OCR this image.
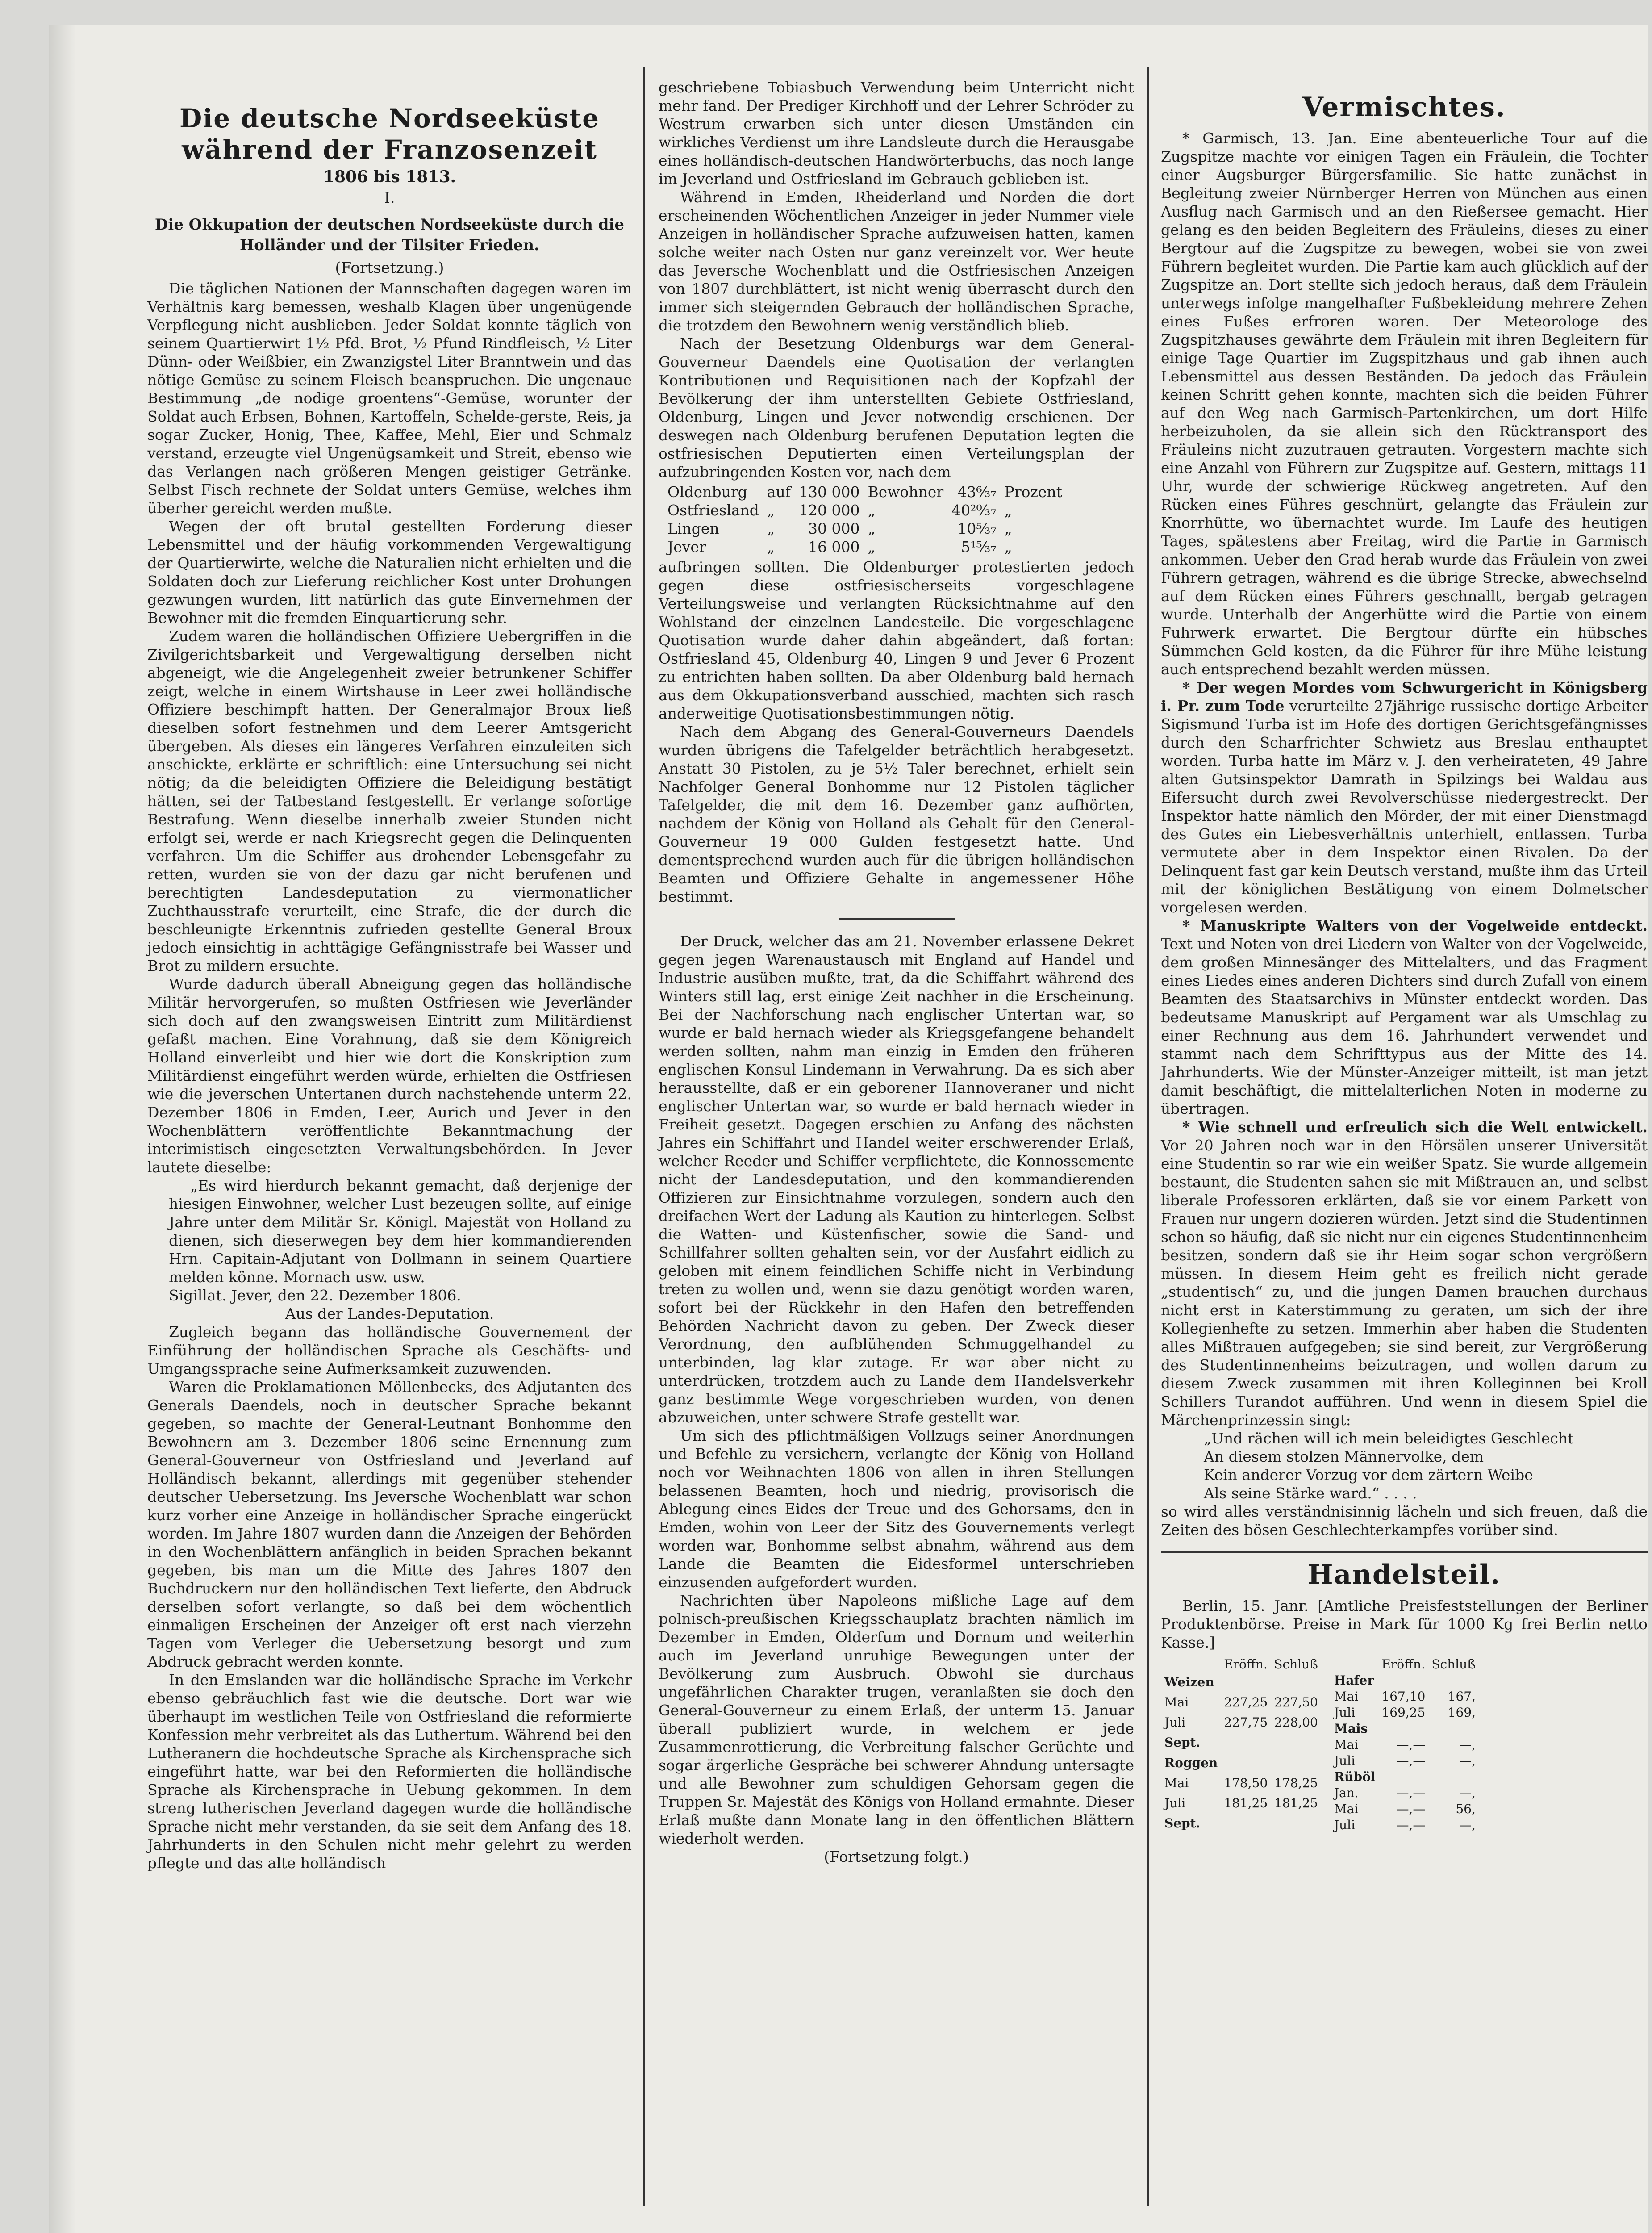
Die deutsche Nordseeküste
während der Franzosenzeit
1806 bis 1813.
I.
Die Okkupation der deutschen Nordseeküste durch die Holländer und der Tilsiter Frieden.
(Fortsetzung.)

Die täglichen Nationen der Mannschaften dagegen waren im Verhältnis karg bemessen, weshalb Klagen über ungenügende Verpflegung nicht ausblieben. Jeder Soldat konnte täglich von seinem Quartierwirt 1½ Pfd. Brot, ½ Pfund Rindfleisch, ½ Liter Dünn- oder Weißbier, ein Zwanzigstel Liter Branntwein und das nötige Gemüse zu seinem Fleisch beanspruchen. Die ungenaue Bestimmung „de nodige groentens“-Gemüse, worunter der Soldat auch Erbsen, Bohnen, Kartoffeln, Schelde-gerste, Reis, ja sogar Zucker, Honig, Thee, Kaffee, Mehl, Eier und Schmalz verstand, erzeugte viel Ungenügsamkeit und Streit, ebenso wie das Verlangen nach größeren Mengen geistiger Getränke. Selbst Fisch rechnete der Soldat unters Gemüse, welches ihm überher gereicht werden mußte.

Wegen der oft brutal gestellten Forderung dieser Lebensmittel und der häufig vorkommenden Vergewaltigung der Quartierwirte, welche die Naturalien nicht erhielten und die Soldaten doch zur Lieferung reichlicher Kost unter Drohungen gezwungen wurden, litt natürlich das gute Einvernehmen der Bewohner mit die fremden Einquartierung sehr.

Zudem waren die holländischen Offiziere Uebergriffen in die Zivilgerichtsbarkeit und Vergewaltigung derselben nicht abgeneigt, wie die Angelegenheit zweier betrunkener Schiffer zeigt, welche in einem Wirtshause in Leer zwei holländische Offiziere beschimpft hatten. Der Generalmajor Broux ließ dieselben sofort festnehmen und dem Leerer Amtsgericht übergeben. Als dieses ein längeres Verfahren einzuleiten sich anschickte, erklärte er schriftlich: eine Untersuchung sei nicht nötig; da die beleidigten Offiziere die Beleidigung bestätigt hätten, sei der Tatbestand festgestellt. Er verlange sofortige Bestrafung. Wenn dieselbe innerhalb zweier Stunden nicht erfolgt sei, werde er nach Kriegsrecht gegen die Delinquenten verfahren. Um die Schiffer aus drohender Lebensgefahr zu retten, wurden sie von der dazu gar nicht berufenen und berechtigten Landesdeputation zu viermonatlicher Zuchthausstrafe verurteilt, eine Strafe, die der durch die beschleunigte Erkenntnis zufrieden gestellte General Broux jedoch einsichtig in achttägige Gefängnisstrafe bei Wasser und Brot zu mildern ersuchte.

Wurde dadurch überall Abneigung gegen das holländische Militär hervorgerufen, so mußten Ostfriesen wie Jeverländer sich doch auf den zwangsweisen Eintritt zum Militärdienst gefaßt machen. Eine Vorahnung, daß sie dem Königreich Holland einverleibt und hier wie dort die Konskription zum Militärdienst eingeführt werden würde, erhielten die Ostfriesen wie die jeverschen Untertanen durch nachstehende unterm 22. Dezember 1806 in Emden, Leer, Aurich und Jever in den Wochenblättern veröffentlichte Bekanntmachung der interimistisch eingesetzten Verwaltungsbehörden. In Jever lautete dieselbe:

„Es wird hierdurch bekannt gemacht, daß derjenige der hiesigen Einwohner, welcher Lust bezeugen sollte, auf einige Jahre unter dem Militär Sr. Königl. Majestät von Holland zu dienen, sich dieserwegen bey dem hier kommandierenden Hrn. Capitain-Adjutant von Dollmann in seinem Quartiere melden könne. Mornach usw. usw.

Sigillat. Jever, den 22. Dezember 1806.

Aus der Landes-Deputation.

Zugleich begann das holländische Gouvernement der Einführung der holländischen Sprache als Geschäfts- und Umgangssprache seine Aufmerksamkeit zuzuwenden.

Waren die Proklamationen Möllenbecks, des Adjutanten des Generals Daendels, noch in deutscher Sprache bekannt gegeben, so machte der General-Leutnant Bonhomme den Bewohnern am 3. Dezember 1806 seine Ernennung zum General-Gouverneur von Ostfriesland und Jeverland auf Holländisch bekannt, allerdings mit gegenüber stehender deutscher Uebersetzung. Ins Jeversche Wochenblatt war schon kurz vorher eine Anzeige in holländischer Sprache eingerückt worden. Im Jahre 1807 wurden dann die Anzeigen der Behörden in den Wochenblättern anfänglich in beiden Sprachen bekannt gegeben, bis man um die Mitte des Jahres 1807 den Buchdruckern nur den holländischen Text lieferte, den Abdruck derselben sofort verlangte, so daß bei dem wöchentlich einmaligen Erscheinen der Anzeiger oft erst nach vierzehn Tagen vom Verleger die Uebersetzung besorgt und zum Abdruck gebracht werden konnte.

In den Emslanden war die holländische Sprache im Verkehr ebenso gebräuchlich fast wie die deutsche. Dort war wie überhaupt im westlichen Teile von Ostfriesland die reformierte Konfession mehr verbreitet als das Luthertum. Während bei den Lutheranern die hochdeutsche Sprache als Kirchensprache sich eingeführt hatte, war bei den Reformierten die holländische Sprache als Kirchensprache in Uebung gekommen. In dem streng lutherischen Jeverland dagegen wurde die holländische Sprache nicht mehr verstanden, da sie seit dem Anfang des 18. Jahrhunderts in den Schulen nicht mehr gelehrt zu werden pflegte und das alte holländisch

geschriebene Tobiasbuch Verwendung beim Unterricht nicht mehr fand. Der Prediger Kirchhoff und der Lehrer Schröder zu Westrum erwarben sich unter diesen Umständen ein wirkliches Verdienst um ihre Landsleute durch die Herausgabe eines holländisch-deutschen Handwörterbuchs, das noch lange im Jeverland und Ostfriesland im Gebrauch geblieben ist.

Während in Emden, Rheiderland und Norden die dort erscheinenden Wöchentlichen Anzeiger in jeder Nummer viele Anzeigen in holländischer Sprache aufzuweisen hatten, kamen solche weiter nach Osten nur ganz vereinzelt vor. Wer heute das Jeversche Wochenblatt und die Ostfriesischen Anzeigen von 1807 durchblättert, ist nicht wenig überrascht durch den immer sich steigernden Gebrauch der holländischen Sprache, die trotzdem den Bewohnern wenig verständlich blieb.

Nach der Besetzung Oldenburgs war dem General-Gouverneur Daendels eine Quotisation der verlangten Kontributionen und Requisitionen nach der Kopfzahl der Bevölkerung der ihm unterstellten Gebiete Ostfriesland, Oldenburg, Lingen und Jever notwendig erschienen. Der deswegen nach Oldenburg berufenen Deputation legten die ostfriesischen Deputierten einen Verteilungsplan der aufzubringenden Kosten vor, nach dem

Oldenburg	auf	130 000	Bewohner	43⁶⁄₃₇	Prozent
Ostfriesland	„	120 000	„	40²⁰⁄₃₇	„
Lingen	„	30 000	„	10⁵⁄₃₇	„
Jever	„	16 000	„	5¹⁵⁄₃₇	„

aufbringen sollten. Die Oldenburger protestierten jedoch gegen diese ostfriesischerseits vorgeschlagene Verteilungsweise und verlangten Rücksichtnahme auf den Wohlstand der einzelnen Landesteile. Die vorgeschlagene Quotisation wurde daher dahin abgeändert, daß fortan: Ostfriesland 45, Oldenburg 40, Lingen 9 und Jever 6 Prozent zu entrichten haben sollten. Da aber Oldenburg bald hernach aus dem Okkupationsverband ausschied, machten sich rasch anderweitige Quotisationsbestimmungen nötig.

Nach dem Abgang des General-Gouverneurs Daendels wurden übrigens die Tafelgelder beträchtlich herabgesetzt. Anstatt 30 Pistolen, zu je 5½ Taler berechnet, erhielt sein Nachfolger General Bonhomme nur 12 Pistolen täglicher Tafelgelder, die mit dem 16. Dezember ganz aufhörten, nachdem der König von Holland als Gehalt für den General-Gouverneur 19 000 Gulden festgesetzt hatte. Und dementsprechend wurden auch für die übrigen holländischen Beamten und Offiziere Gehalte in angemessener Höhe bestimmt.

Der Druck, welcher das am 21. November erlassene Dekret gegen jegen Warenaustausch mit England auf Handel und Industrie ausüben mußte, trat, da die Schiffahrt während des Winters still lag, erst einige Zeit nachher in die Erscheinung. Bei der Nachforschung nach englischer Untertan war, so wurde er bald hernach wieder als Kriegsgefangene behandelt werden sollten, nahm man einzig in Emden den früheren englischen Konsul Lindemann in Verwahrung. Da es sich aber herausstellte, daß er ein geborener Hannoveraner und nicht englischer Untertan war, so wurde er bald hernach wieder in Freiheit gesetzt. Dagegen erschien zu Anfang des nächsten Jahres ein Schiffahrt und Handel weiter erschwerender Erlaß, welcher Reeder und Schiffer verpflichtete, die Konnossemente nicht der Landesdeputation, und den kommandierenden Offizieren zur Einsichtnahme vorzulegen, sondern auch den dreifachen Wert der Ladung als Kaution zu hinterlegen. Selbst die Watten- und Küstenfischer, sowie die Sand- und Schillfahrer sollten gehalten sein, vor der Ausfahrt eidlich zu geloben mit einem feindlichen Schiffe nicht in Verbindung treten zu wollen und, wenn sie dazu genötigt worden waren, sofort bei der Rückkehr in den Hafen den betreffenden Behörden Nachricht davon zu geben. Der Zweck dieser Verordnung, den aufblühenden Schmuggelhandel zu unterbinden, lag klar zutage. Er war aber nicht zu unterdrücken, trotzdem auch zu Lande dem Handelsverkehr ganz bestimmte Wege vorgeschrieben wurden, von denen abzuweichen, unter schwere Strafe gestellt war.

Um sich des pflichtmäßigen Vollzugs seiner Anordnungen und Befehle zu versichern, verlangte der König von Holland noch vor Weihnachten 1806 von allen in ihren Stellungen belassenen Beamten, hoch und niedrig, provisorisch die Ablegung eines Eides der Treue und des Gehorsams, den in Emden, wohin von Leer der Sitz des Gouvernements verlegt worden war, Bonhomme selbst abnahm, während aus dem Lande die Beamten die Eidesformel unterschrieben einzusenden aufgefordert wurden.

Nachrichten über Napoleons mißliche Lage auf dem polnisch-preußischen Kriegsschauplatz brachten nämlich im Dezember in Emden, Olderfum und Dornum und weiterhin auch im Jeverland unruhige Bewegungen unter der Bevölkerung zum Ausbruch. Obwohl sie durchaus ungefährlichen Charakter trugen, veranlaßten sie doch den General-Gouverneur zu einem Erlaß, der unterm 15. Januar überall publiziert wurde, in welchem er jede Zusammenrottierung, die Verbreitung falscher Gerüchte und sogar ärgerliche Gespräche bei schwerer Ahndung untersagte und alle Bewohner zum schuldigen Gehorsam gegen die Truppen Sr. Majestät des Königs von Holland ermahnte. Dieser Erlaß mußte dann Monate lang in den öffentlichen Blättern wiederholt werden.

(Fortsetzung folgt.)

Vermischtes.

* Garmisch, 13. Jan. Eine abenteuerliche Tour auf die Zugspitze machte vor einigen Tagen ein Fräulein, die Tochter einer Augsburger Bürgersfamilie. Sie hatte zunächst in Begleitung zweier Nürnberger Herren von München aus einen Ausflug nach Garmisch und an den Rießersee gemacht. Hier gelang es den beiden Begleitern des Fräuleins, dieses zu einer Bergtour auf die Zugspitze zu bewegen, wobei sie von zwei Führern begleitet wurden. Die Partie kam auch glücklich auf der Zugspitze an. Dort stellte sich jedoch heraus, daß dem Fräulein unterwegs infolge mangelhafter Fußbekleidung mehrere Zehen eines Fußes erfroren waren. Der Meteorologe des Zugspitzhauses gewährte dem Fräulein mit ihren Begleitern für einige Tage Quartier im Zugspitzhaus und gab ihnen auch Lebensmittel aus dessen Beständen. Da jedoch das Fräulein keinen Schritt gehen konnte, machten sich die beiden Führer auf den Weg nach Garmisch-Partenkirchen, um dort Hilfe herbeizuholen, da sie allein sich den Rücktransport des Fräuleins nicht zuzutrauen getrauten. Vorgestern machte sich eine Anzahl von Führern zur Zugspitze auf. Gestern, mittags 11 Uhr, wurde der schwierige Rückweg angetreten. Auf den Rücken eines Führes geschnürt, gelangte das Fräulein zur Knorrhütte, wo übernachtet wurde. Im Laufe des heutigen Tages, spätestens aber Freitag, wird die Partie in Garmisch ankommen. Ueber den Grad herab wurde das Fräulein von zwei Führern getragen, während es die übrige Strecke, abwechselnd auf dem Rücken eines Führers geschnallt, bergab getragen wurde. Unterhalb der Angerhütte wird die Partie von einem Fuhrwerk erwartet. Die Bergtour dürfte ein hübsches Sümmchen Geld kosten, da die Führer für ihre Mühe leistung auch entsprechend bezahlt werden müssen.

* Der wegen Mordes vom Schwurgericht in Königsberg i. Pr. zum Tode verurteilte 27jährige russische dortige Arbeiter Sigismund Turba ist im Hofe des dortigen Gerichtsgefängnisses durch den Scharfrichter Schwietz aus Breslau enthauptet worden. Turba hatte im März v. J. den verheirateten, 49 Jahre alten Gutsinspektor Damrath in Spilzings bei Waldau aus Eifersucht durch zwei Revolverschüsse niedergestreckt. Der Inspektor hatte nämlich den Mörder, der mit einer Dienstmagd des Gutes ein Liebesverhältnis unterhielt, entlassen. Turba vermutete aber in dem Inspektor einen Rivalen. Da der Delinquent fast gar kein Deutsch verstand, mußte ihm das Urteil mit der königlichen Bestätigung von einem Dolmetscher vorgelesen werden.

* Manuskripte Walters von der Vogelweide entdeckt. Text und Noten von drei Liedern von Walter von der Vogelweide, dem großen Minnesänger des Mittelalters, und das Fragment eines Liedes eines anderen Dichters sind durch Zufall von einem Beamten des Staatsarchivs in Münster entdeckt worden. Das bedeutsame Manuskript auf Pergament war als Umschlag zu einer Rechnung aus dem 16. Jahrhundert verwendet und stammt nach dem Schrifttypus aus der Mitte des 14. Jahrhunderts. Wie der Münster-Anzeiger mitteilt, ist man jetzt damit beschäftigt, die mittelalterlichen Noten in moderne zu übertragen.

* Wie schnell und erfreulich sich die Welt entwickelt. Vor 20 Jahren noch war in den Hörsälen unserer Universität eine Studentin so rar wie ein weißer Spatz. Sie wurde allgemein bestaunt, die Studenten sahen sie mit Mißtrauen an, und selbst liberale Professoren erklärten, daß sie vor einem Parkett von Frauen nur ungern dozieren würden. Jetzt sind die Studentinnen schon so häufig, daß sie nicht nur ein eigenes Studentinnenheim besitzen, sondern daß sie ihr Heim sogar schon vergrößern müssen. In diesem Heim geht es freilich nicht gerade „studentisch“ zu, und die jungen Damen brauchen durchaus nicht erst in Katerstimmung zu geraten, um sich der ihre Kollegienhefte zu setzen. Immerhin aber haben die Studenten alles Mißtrauen aufgegeben; sie sind bereit, zur Vergrößerung des Studentinnenheims beizutragen, und wollen darum zu diesem Zweck zusammen mit ihren Kolleginnen bei Kroll Schillers Turandot aufführen. Und wenn in diesem Spiel die Märchenprinzessin singt:

„Und rächen will ich mein beleidigtes Geschlecht
An diesem stolzen Männervolke, dem
Kein anderer Vorzug vor dem zärtern Weibe
Als seine Stärke ward.“ . . . .

so wird alles verständnisinnig lächeln und sich freuen, daß die Zeiten des bösen Geschlechterkampfes vorüber sind.

Handelsteil.

Berlin, 15. Janr. [Amtliche Preisfeststellungen der Berliner Produktenbörse. Preise in Mark für 1000 Kg frei Berlin netto Kasse.]

	Eröffn.	Schluß
Weizen		
Mai	227,25	227,50
Juli	227,75	228,00
Sept.		

Roggen		
Mai	178,50	178,25
Juli	181,25	181,25
Sept.		
	Eröffn.	Schluß
Hafer		
Mai	167,10	167,
Juli	169,25	169,
Mais		
Mai	—,—	—,
Juli	—,—	—,
Rüböl		
Jan.	—,—	—,
Mai	—,—	56,
Juli	—,—	—,
